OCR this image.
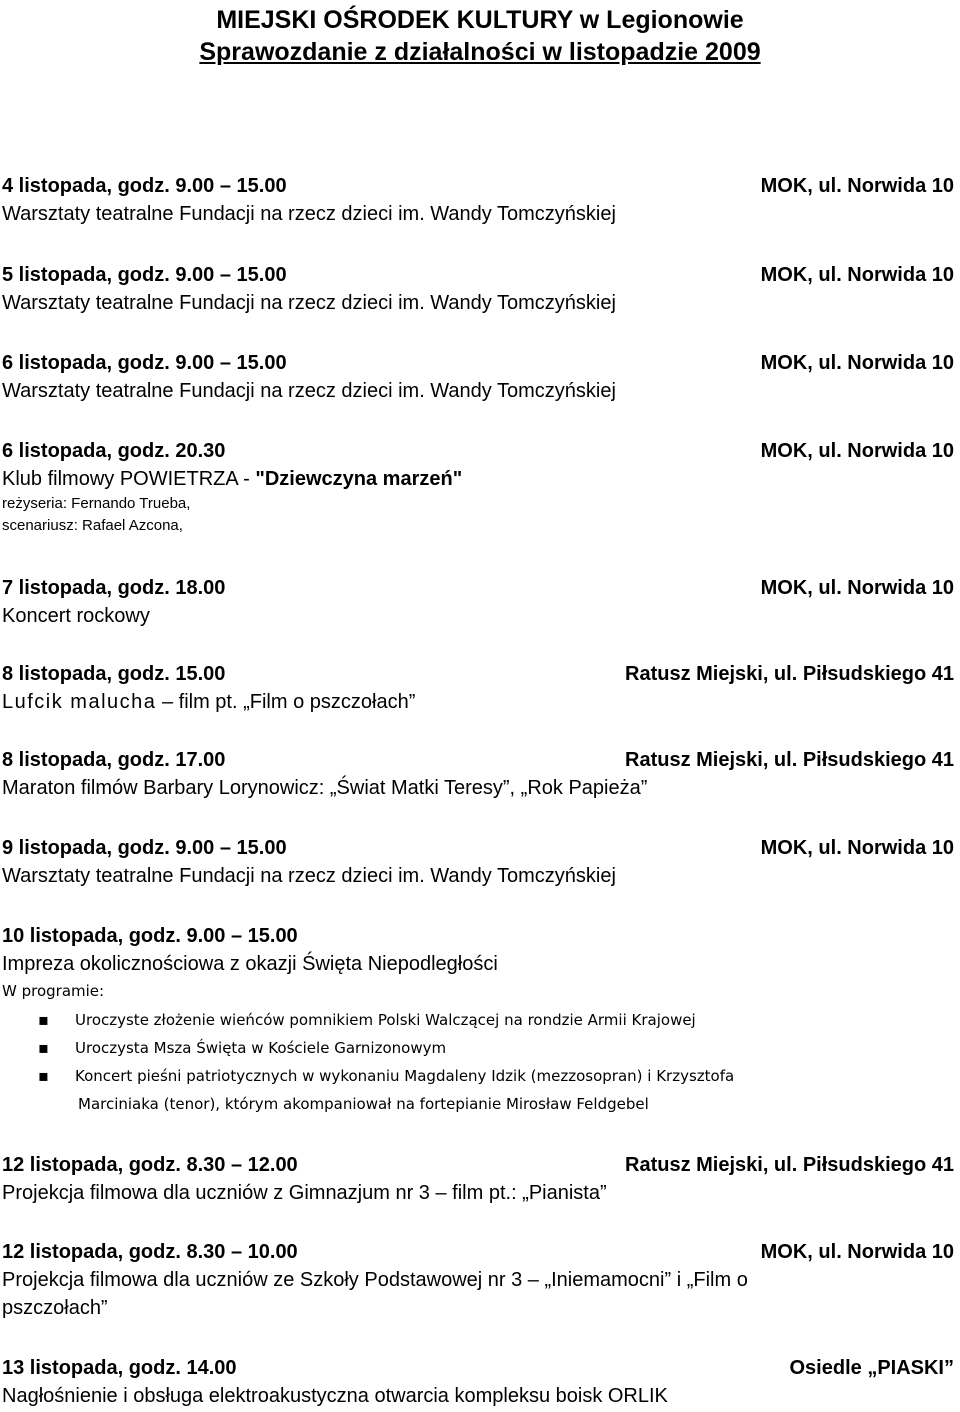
MIEJSKI OŚRODEK KULTURY w Legionowie
Sprawozdanie z działalności w listopadzie 2009
4 listopada, godz. 9.00 – 15.00	MOK, ul. Norwida 10
Warsztaty teatralne Fundacji na rzecz dzieci im. Wandy Tomczyńskiej
5 listopada, godz. 9.00 – 15.00	MOK, ul. Norwida 10
Warsztaty teatralne Fundacji na rzecz dzieci im. Wandy Tomczyńskiej
6 listopada, godz. 9.00 – 15.00	MOK, ul. Norwida 10
Warsztaty teatralne Fundacji na rzecz dzieci im. Wandy Tomczyńskiej
6 listopada, godz. 20.30	MOK, ul. Norwida 10
Klub filmowy POWIETRZA - "Dziewczyna marzeń"
reżyseria: Fernando Trueba,
scenariusz: Rafael Azcona,
7 listopada, godz. 18.00	MOK, ul. Norwida 10
Koncert rockowy
8 listopada, godz. 15.00	Ratusz Miejski, ul. Piłsudskiego 41
Lufcik malucha – film pt. „Film o pszczołach”
8 listopada, godz. 17.00	Ratusz Miejski, ul. Piłsudskiego 41
Maraton filmów Barbary Lorynowicz: „Świat Matki Teresy”, „Rok Papieża”
9 listopada, godz. 9.00 – 15.00	MOK, ul. Norwida 10
Warsztaty teatralne Fundacji na rzecz dzieci im. Wandy Tomczyńskiej
10 listopada, godz. 9.00 – 15.00
Impreza okolicznościowa z okazji Święta Niepodległości
W programie:
▪ Uroczyste złożenie wieńców pomnikiem Polski Walczącej na rondzie Armii Krajowej
▪ Uroczysta Msza Święta w Kościele Garnizonowym
▪ Koncert pieśni patriotycznych w wykonaniu Magdaleny Idzik (mezzosopran) i Krzysztofa
Marciniaka (tenor), którym akompaniował na fortepianie Mirosław Feldgebel
12 listopada, godz. 8.30 – 12.00	Ratusz Miejski, ul. Piłsudskiego 41
Projekcja filmowa dla uczniów z Gimnazjum nr 3 – film pt.: „Pianista”
12 listopada, godz. 8.30 – 10.00	MOK, ul. Norwida 10
Projekcja filmowa dla uczniów ze Szkoły Podstawowej nr 3 – „Iniemamocni” i „Film o
pszczołach”
13 listopada, godz. 14.00	Osiedle „PIASKI”
Nagłośnienie i obsługa elektroakustyczna otwarcia kompleksu boisk ORLIK
